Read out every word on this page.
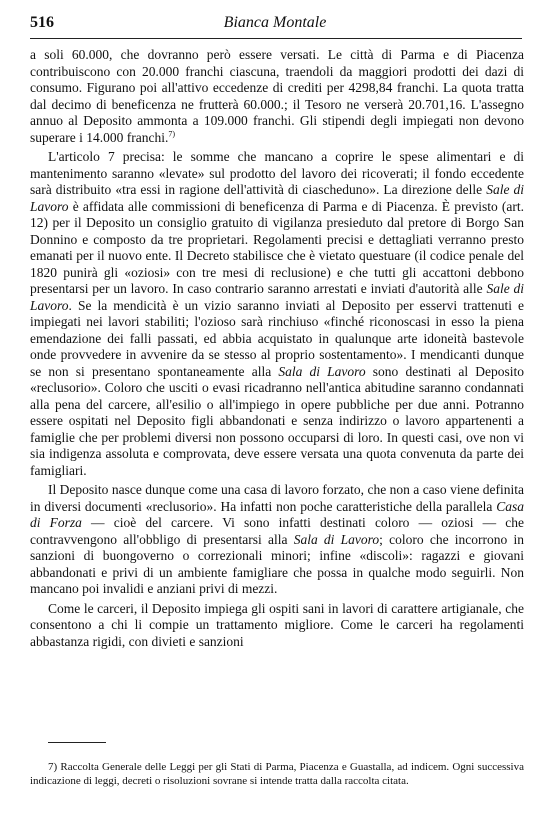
516	Bianca Montale

a soli 60.000, che dovranno però essere versati. Le città di Parma e di Piacenza contribuiscono con 20.000 franchi ciascuna, traendoli da maggiori prodotti dei dazi di consumo. Figurano poi all'attivo eccedenze di crediti per 4298,84 franchi. La quota tratta dal decimo di beneficenza ne frutterà 60.000.; il Tesoro ne verserà 20.701,16. L'assegno annuo al Deposito ammonta a 109.000 franchi. Gli stipendi degli impiegati non devono superare i 14.000 franchi.$^{7)}$

L'articolo 7 precisa: le somme che mancano a coprire le spese alimentari e di mantenimento saranno «levate» sul prodotto del lavoro dei ricoverati; il fondo eccedente sarà distribuito «tra essi in ragione dell'attività di ciascheduno». La direzione delle Sale di Lavoro è affidata alle commissioni di beneficenza di Parma e di Piacenza. È previsto (art. 12) per il Deposito un consiglio gratuito di vigilanza presieduto dal pretore di Borgo San Donnino e composto da tre proprietari. Regolamenti precisi e dettagliati verranno presto emanati per il nuovo ente. Il Decreto stabilisce che è vietato questuare (il codice penale del 1820 punirà gli «oziosi» con tre mesi di reclusione) e che tutti gli accattoni debbono presentarsi per un lavoro. In caso contrario saranno arrestati e inviati d'autorità alle Sale di Lavoro. Se la mendicità è un vizio saranno inviati al Deposito per esservi trattenuti e impiegati nei lavori stabiliti; l'ozioso sarà rinchiuso «finché riconoscasi in esso la piena emendazione dei falli passati, ed abbia acquistato in qualunque arte idoneità bastevole onde provvedere in avvenire da se stesso al proprio sostentamento». I mendicanti dunque se non si presentano spontaneamente alla Sala di Lavoro sono destinati al Deposito «reclusorio». Coloro che usciti o evasi ricadranno nell'antica abitudine saranno condannati alla pena del carcere, all'esilio o all'impiego in opere pubbliche per due anni. Potranno essere ospitati nel Deposito figli abbandonati e senza indirizzo o lavoro appartenenti a famiglie che per problemi diversi non possono occuparsi di loro. In questi casi, ove non vi sia indigenza assoluta e comprovata, deve essere versata una quota convenuta da parte dei famigliari.

Il Deposito nasce dunque come una casa di lavoro forzato, che non a caso viene definita in diversi documenti «reclusorio». Ha infatti non poche caratteristiche della parallela Casa di Forza — cioè del carcere. Vi sono infatti destinati coloro — oziosi — che contravvengono all'obbligo di presentarsi alla Sala di Lavoro; coloro che incorrono in sanzioni di buongoverno o correzionali minori; infine «discoli»: ragazzi e giovani abbandonati e privi di un ambiente famigliare che possa in qualche modo seguirli. Non mancano poi invalidi e anziani privi di mezzi.

Come le carceri, il Deposito impiega gli ospiti sani in lavori di carattere artigianale, che consentono a chi li compie un trattamento migliore. Come le carceri ha regolamenti abbastanza rigidi, con divieti e sanzioni

7) Raccolta Generale delle Leggi per gli Stati di Parma, Piacenza e Guastalla, ad indicem. Ogni successiva indicazione di leggi, decreti o risoluzioni sovrane si intende tratta dalla raccolta citata.
